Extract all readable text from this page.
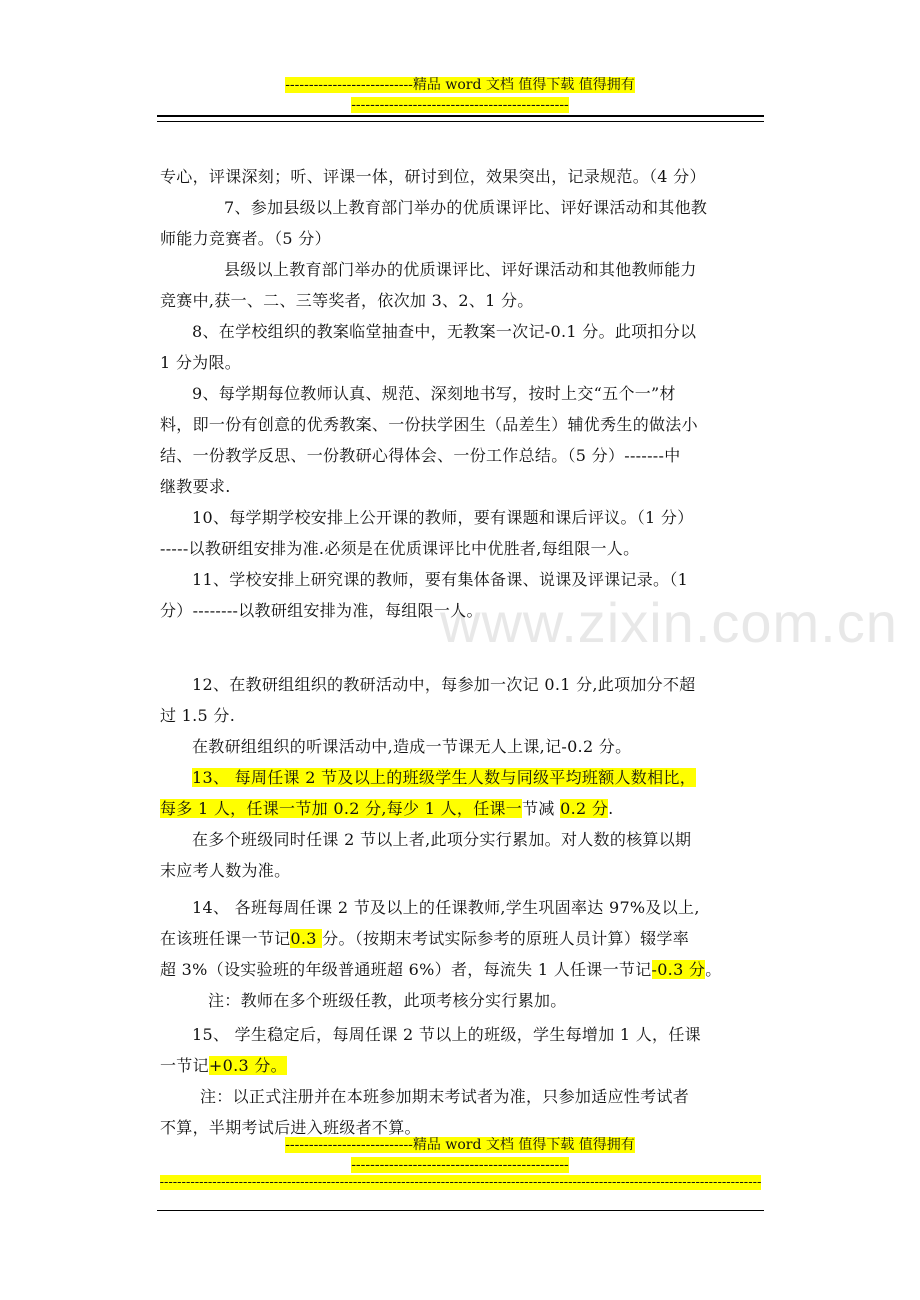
---------------------------精品 word 文档 值得下载 值得拥有
----------------------------------------------
www.zixin.com.cn
专心，评课深刻；听、评课一体，研讨到位，效果突出，记录规范。（4 分）
7、参加县级以上教育部门举办的优质课评比、评好课活动和其他教
师能力竞赛者。（5 分）
县级以上教育部门举办的优质课评比、评好课活动和其他教师能力
竞赛中,获一、二、三等奖者，依次加 3、2、1 分。
8、在学校组织的教案临堂抽查中，无教案一次记-0.1 分。此项扣分以
1 分为限。
9、每学期每位教师认真、规范、深刻地书写，按时上交“五个一”材
料，即一份有创意的优秀教案、一份扶学困生（品差生）辅优秀生的做法小
结、一份教学反思、一份教研心得体会、一份工作总结。（5 分）-------中
继教要求.
10、每学期学校安排上公开课的教师，要有课题和课后评议。（1 分）
-----以教研组安排为准.必须是在优质课评比中优胜者,每组限一人。
11、学校安排上研究课的教师，要有集体备课、说课及评课记录。（1
分）--------以教研组安排为准，每组限一人。
12、在教研组组织的教研活动中，每参加一次记 0.1 分,此项加分不超
过 1.5 分.
在教研组组织的听课活动中,造成一节课无人上课,记-0.2 分。
13、 每周任课 2 节及以上的班级学生人数与同级平均班额人数相比，
每多 1 人，任课一节加 0.2 分,每少 1 人，任课一节减 0.2 分.
在多个班级同时任课 2 节以上者,此项分实行累加。对人数的核算以期
末应考人数为准。
14、 各班每周任课 2 节及以上的任课教师,学生巩固率达 97%及以上,
在该班任课一节记0.3 分。（按期末考试实际参考的原班人员计算）辍学率
超 3%（设实验班的年级普通班超 6%）者，每流失 1 人任课一节记-0.3 分。
注：教师在多个班级任教，此项考核分实行累加。
15、 学生稳定后，每周任课 2 节以上的班级，学生每增加 1 人，任课
一节记+0.3 分。
注：以正式注册并在本班参加期末考试者为准，只参加适应性考试者
不算，半期考试后进入班级者不算。
---------------------------精品 word 文档 值得下载 值得拥有
----------------------------------------------
-----------------------------------------------------------------------------------------------------------------------------------------
